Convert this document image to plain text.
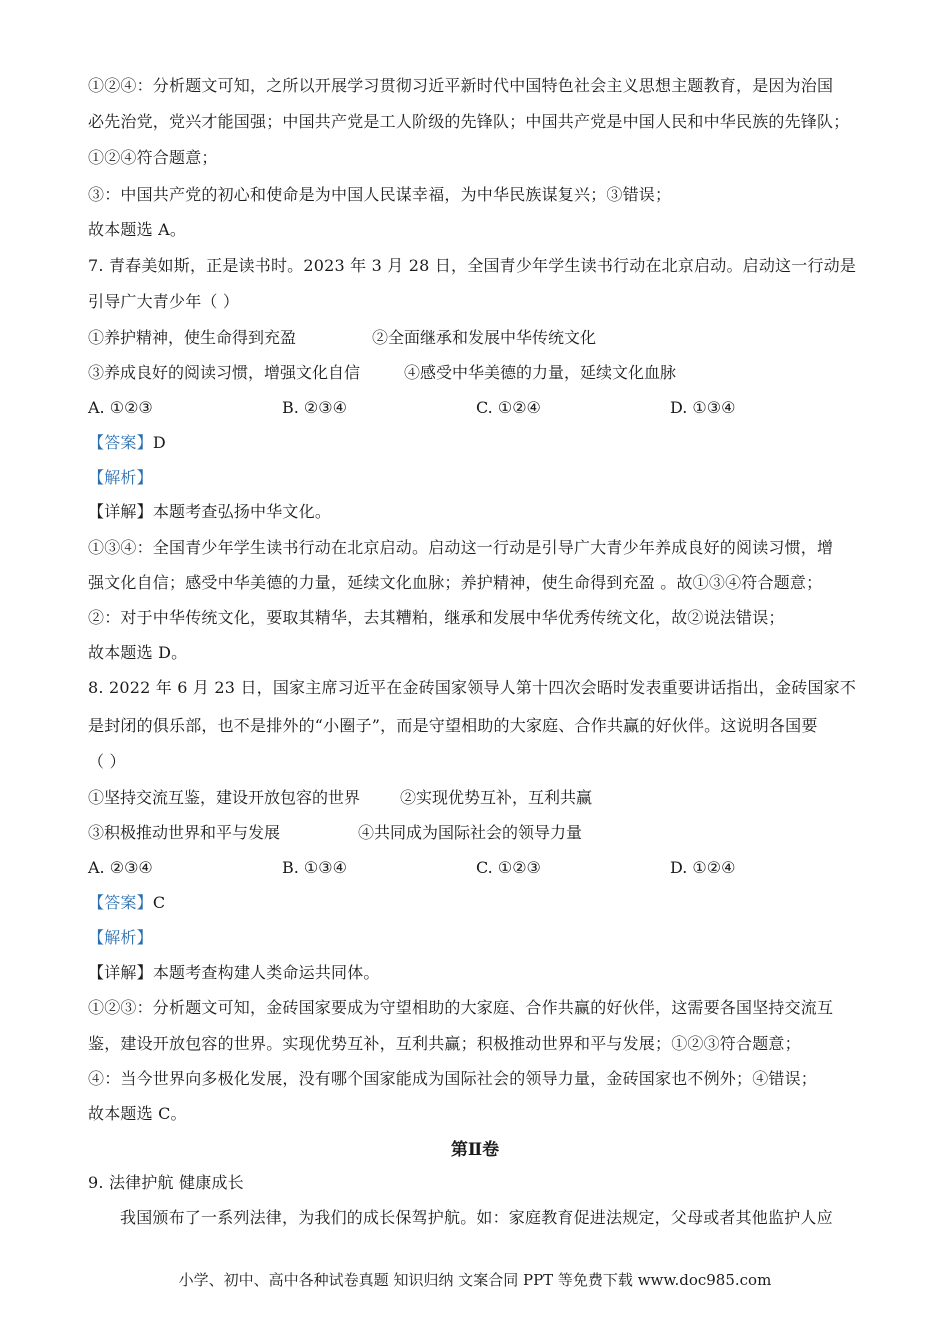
①②④：分析题文可知，之所以开展学习贯彻习近平新时代中国特色社会主义思想主题教育，是因为治国
必先治党，党兴才能国强；中国共产党是工人阶级的先锋队；中国共产党是中国人民和中华民族的先锋队；
①②④符合题意；
③：中国共产党的初心和使命是为中国人民谋幸福，为中华民族谋复兴；③错误；
故本题选 A。
7. 青春美如斯，正是读书时。2023 年 3 月 28 日，全国青少年学生读书行动在北京启动。启动这一行动是
引导广大青少年（ ）
①养护精神，使生命得到充盈	②全面继承和发展中华传统文化
③养成良好的阅读习惯，增强文化自信	④感受中华美德的力量，延续文化血脉
A. ①②③	B. ②③④	C. ①②④	D. ①③④
【答案】D
【解析】
【详解】本题考查弘扬中华文化。
①③④：全国青少年学生读书行动在北京启动。启动这一行动是引导广大青少年养成良好的阅读习惯，增
强文化自信；感受中华美德的力量，延续文化血脉；养护精神，使生命得到充盈 。故①③④符合题意；
②：对于中华传统文化，要取其精华，去其糟粕，继承和发展中华优秀传统文化，故②说法错误；
故本题选 D。
8. 2022 年 6 月 23 日，国家主席习近平在金砖国家领导人第十四次会晤时发表重要讲话指出，金砖国家不
是封闭的俱乐部，也不是排外的“小圈子”，而是守望相助的大家庭、合作共赢的好伙伴。这说明各国要
（ ）
①坚持交流互鉴，建设开放包容的世界 ②实现优势互补，互利共赢
③积极推动世界和平与发展	④共同成为国际社会的领导力量
A. ②③④	B. ①③④	C. ①②③	D. ①②④
【答案】C
【解析】
【详解】本题考查构建人类命运共同体。
①②③：分析题文可知，金砖国家要成为守望相助的大家庭、合作共赢的好伙伴，这需要各国坚持交流互
鉴，建设开放包容的世界。实现优势互补，互利共赢；积极推动世界和平与发展；①②③符合题意；
④：当今世界向多极化发展，没有哪个国家能成为国际社会的领导力量，金砖国家也不例外；④错误；
故本题选 C。
第Ⅱ卷
9. 法律护航 健康成长
我国颁布了一系列法律，为我们的成长保驾护航。如：家庭教育促进法规定，父母或者其他监护人应
小学、初中、高中各种试卷真题 知识归纳 文案合同 PPT 等免费下载 www.doc985.com
